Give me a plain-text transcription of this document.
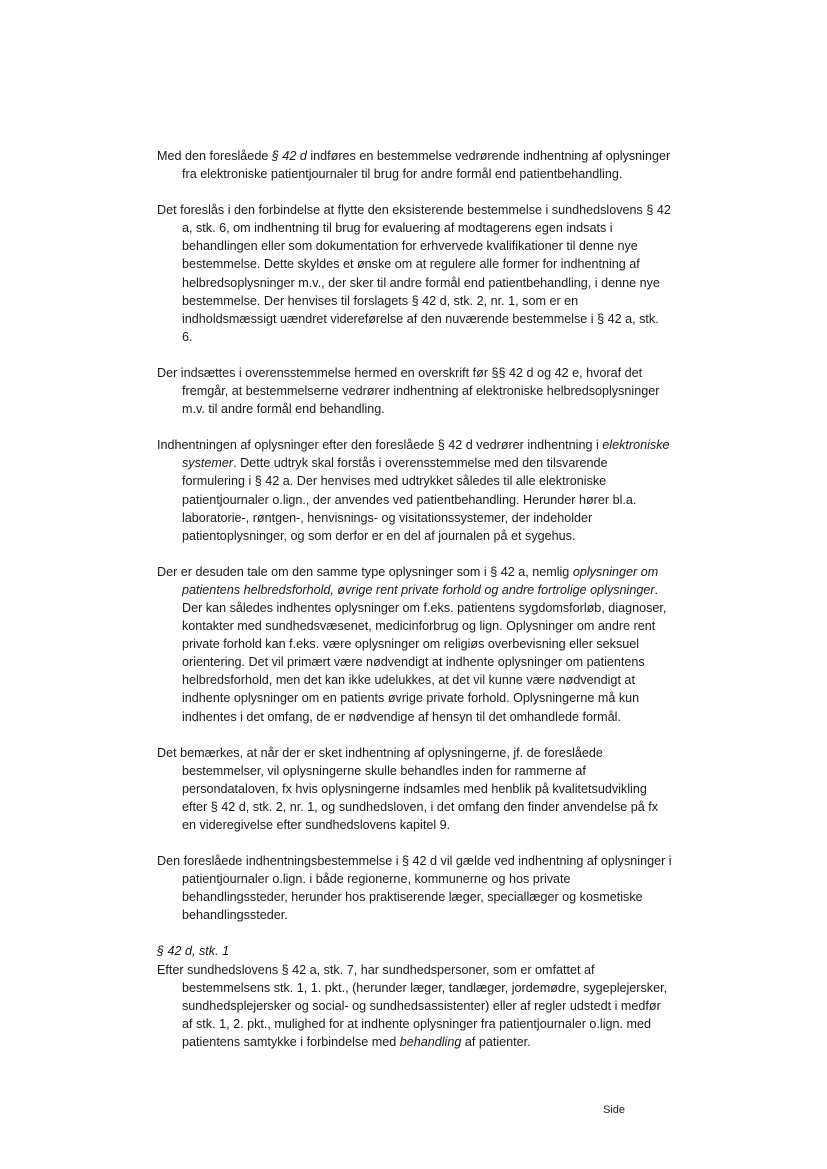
Med den foreslåede § 42 d indføres en bestemmelse vedrørende indhentning af oplysninger fra elektroniske patientjournaler til brug for andre formål end patientbehandling.

Det foreslås i den forbindelse at flytte den eksisterende bestemmelse i sundhedslovens § 42 a, stk. 6, om indhentning til brug for evaluering af modtagerens egen indsats i behandlingen eller som dokumentation for erhvervede kvalifikationer til denne nye bestemmelse. Dette skyldes et ønske om at regulere alle former for indhentning af helbredsoplysninger m.v., der sker til andre formål end patientbehandling, i denne nye bestemmelse. Der henvises til forslagets § 42 d, stk. 2, nr. 1, som er en indholdsmæssigt uændret videreførelse af den nuværende bestemmelse i § 42 a, stk. 6.

Der indsættes i overensstemmelse hermed en overskrift før §§ 42 d og 42 e, hvoraf det fremgår, at bestemmelserne vedrører indhentning af elektroniske helbredsoplysninger m.v. til andre formål end behandling.

Indhentningen af oplysninger efter den foreslåede § 42 d vedrører indhentning i elektroniske systemer. Dette udtryk skal forstås i overensstemmelse med den tilsvarende formulering i § 42 a. Der henvises med udtrykket således til alle elektroniske patientjournaler o.lign., der anvendes ved patientbehandling. Herunder hører bl.a. laboratorie-, røntgen-, henvisnings- og visitationssystemer, der indeholder patientoplysninger, og som derfor er en del af journalen på et sygehus.

Der er desuden tale om den samme type oplysninger som i § 42 a, nemlig oplysninger om patientens helbredsforhold, øvrige rent private forhold og andre fortrolige oplysninger. Der kan således indhentes oplysninger om f.eks. patientens sygdomsforløb, diagnoser, kontakter med sundhedsvæsenet, medicinforbrug og lign. Oplysninger om andre rent private forhold kan f.eks. være oplysninger om religiøs overbevisning eller seksuel orientering. Det vil primært være nødvendigt at indhente oplysninger om patientens helbredsforhold, men det kan ikke udelukkes, at det vil kunne være nødvendigt at indhente oplysninger om en patients øvrige private forhold. Oplysningerne må kun indhentes i det omfang, de er nødvendige af hensyn til det omhandlede formål.

Det bemærkes, at når der er sket indhentning af oplysningerne, jf. de foreslåede bestemmelser, vil oplysningerne skulle behandles inden for rammerne af persondataloven, fx hvis oplysningerne indsamles med henblik på kvalitetsudvikling efter § 42 d, stk. 2, nr. 1, og sundhedsloven, i det omfang den finder anvendelse på fx en videregivelse efter sundhedslovens kapitel 9.

Den foreslåede indhentningsbestemmelse i § 42 d vil gælde ved indhentning af oplysninger i patientjournaler o.lign. i både regionerne, kommunerne og hos private behandlingssteder, herunder hos praktiserende læger, speciallæger og kosmetiske behandlingssteder.

§ 42 d, stk. 1

Efter sundhedslovens § 42 a, stk. 7, har sundhedspersoner, som er omfattet af bestemmelsens stk. 1, 1. pkt., (herunder læger, tandlæger, jordemødre, sygeplejersker, sundhedsplejersker og social- og sundhedsassistenter) eller af regler udstedt i medfør af stk. 1, 2. pkt., mulighed for at indhente oplysninger fra patientjournaler o.lign. med patientens samtykke i forbindelse med behandling af patienter.

Side
